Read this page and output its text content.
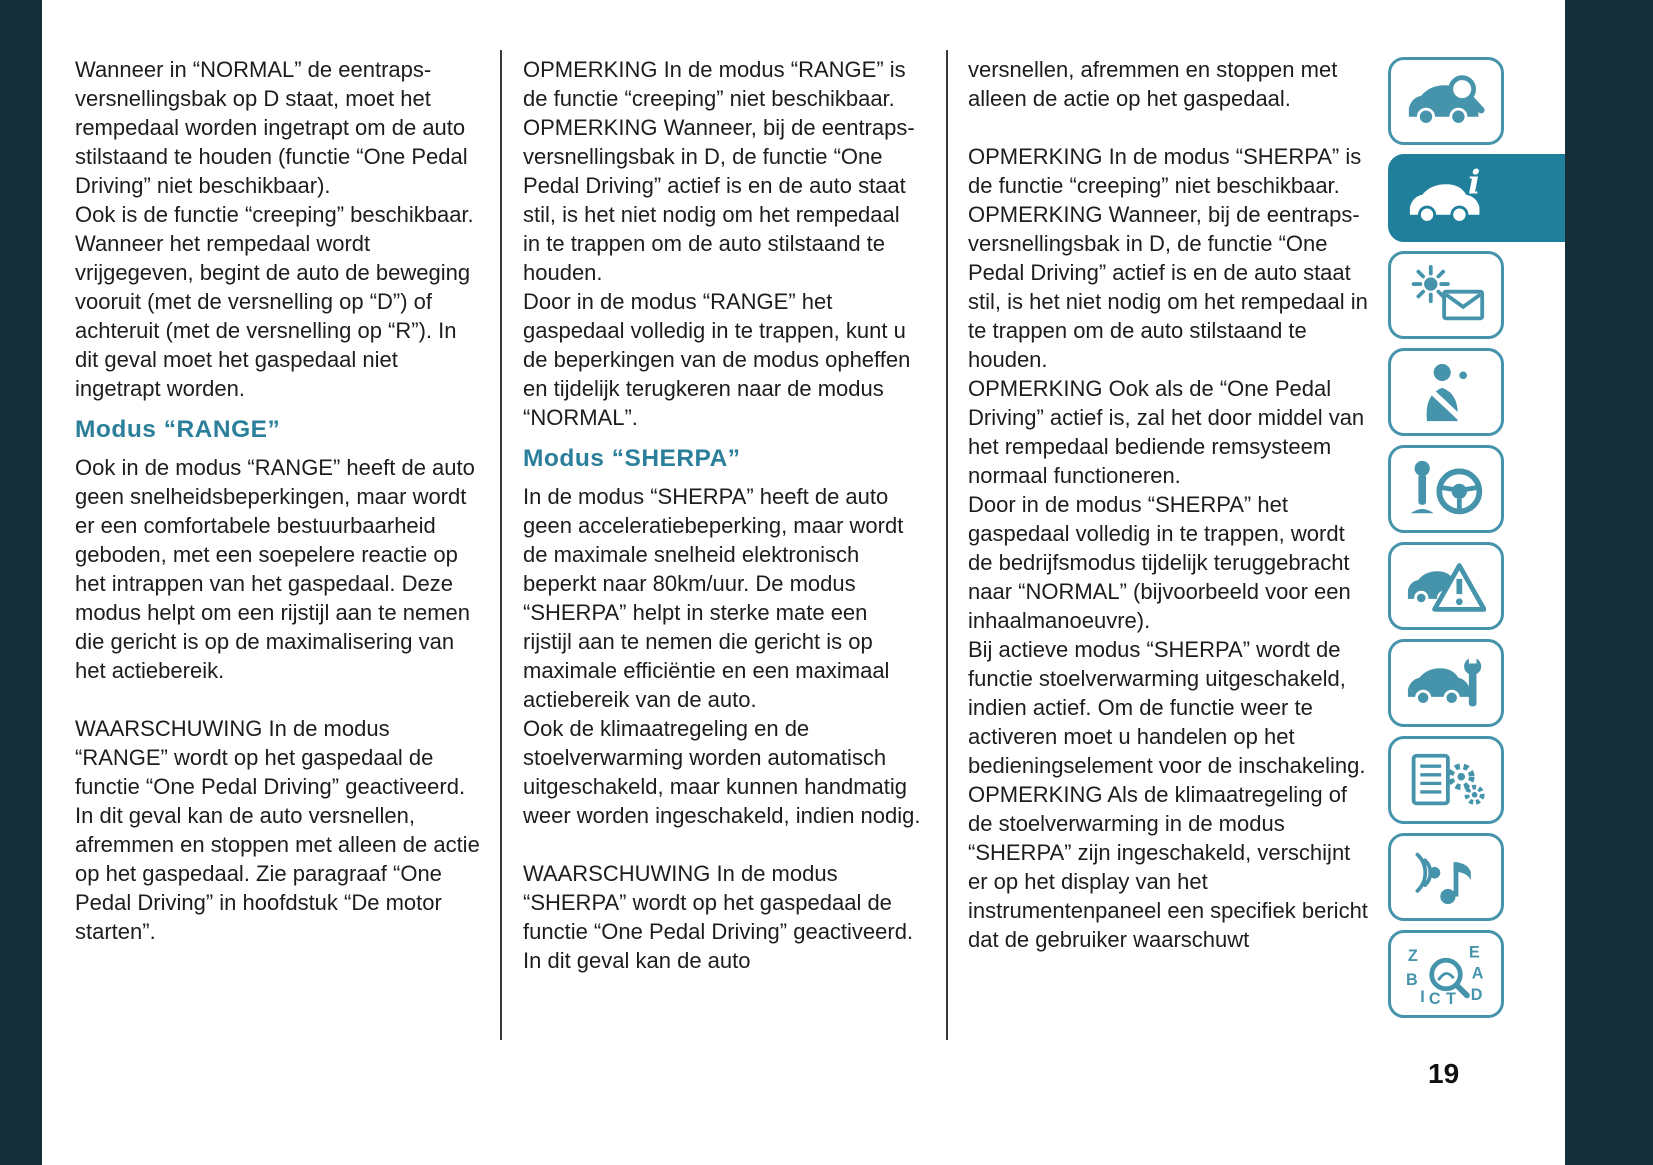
Wanneer in “NORMAL” de eentraps-versnellingsbak op D staat, moet het rempedaal worden ingetrapt om de auto stilstaand te houden (functie “One Pedal Driving” niet beschikbaar).

Ook is de functie “creeping” beschikbaar. Wanneer het rempedaal wordt vrijgegeven, begint de auto de beweging vooruit (met de versnelling op “D”) of achteruit (met de versnelling op “R”). In dit geval moet het gaspedaal niet ingetrapt worden.

Modus “RANGE”

Ook in de modus “RANGE” heeft de auto geen snelheidsbeperkingen, maar wordt er een comfortabele bestuurbaarheid geboden, met een soepelere reactie op het intrappen van het gaspedaal. Deze modus helpt om een rijstijl aan te nemen die gericht is op de maximalisering van het actiebereik.

WAARSCHUWING In de modus “RANGE” wordt op het gaspedaal de functie “One Pedal Driving” geactiveerd. In dit geval kan de auto versnellen, afremmen en stoppen met alleen de actie op het gaspedaal. Zie paragraaf “One Pedal Driving” in hoofdstuk “De motor starten”.

OPMERKING In de modus “RANGE” is de functie “creeping” niet beschikbaar.

OPMERKING Wanneer, bij de eentraps-versnellingsbak in D, de functie “One Pedal Driving” actief is en de auto staat stil, is het niet nodig om het rempedaal in te trappen om de auto stilstaand te houden.

Door in de modus “RANGE” het gaspedaal volledig in te trappen, kunt u de beperkingen van de modus opheffen en tijdelijk terugkeren naar de modus “NORMAL”.

Modus “SHERPA”

In de modus “SHERPA” heeft de auto geen acceleratiebeperking, maar wordt de maximale snelheid elektronisch beperkt naar 80km/uur. De modus “SHERPA” helpt in sterke mate een rijstijl aan te nemen die gericht is op maximale efficiëntie en een maximaal actiebereik van de auto.

Ook de klimaatregeling en de stoelverwarming worden automatisch uitgeschakeld, maar kunnen handmatig weer worden ingeschakeld, indien nodig.

WAARSCHUWING In de modus “SHERPA” wordt op het gaspedaal de functie “One Pedal Driving” geactiveerd. In dit geval kan de auto

versnellen, afremmen en stoppen met alleen de actie op het gaspedaal.

OPMERKING In de modus “SHERPA” is de functie “creeping” niet beschikbaar.

OPMERKING Wanneer, bij de eentraps-versnellingsbak in D, de functie “One Pedal Driving” actief is en de auto staat stil, is het niet nodig om het rempedaal in te trappen om de auto stilstaand te houden.

OPMERKING Ook als de “One Pedal Driving” actief is, zal het door middel van het rempedaal bediende remsysteem normaal functioneren.

Door in de modus “SHERPA” het gaspedaal volledig in te trappen, wordt de bedrijfsmodus tijdelijk teruggebracht naar “NORMAL” (bijvoorbeeld voor een inhaalmanoeuvre).

Bij actieve modus “SHERPA” wordt de functie stoelverwarming uitgeschakeld, indien actief. Om de functie weer te activeren moet u handelen op het bedieningselement voor de inschakeling.

OPMERKING Als de klimaatregeling of de stoelverwarming in de modus “SHERPA” zijn ingeschakeld, verschijnt er op het display van het instrumentenpaneel een specifiek bericht dat de gebruiker waarschuwt

i
Z	E
B	A
I C T D
19
